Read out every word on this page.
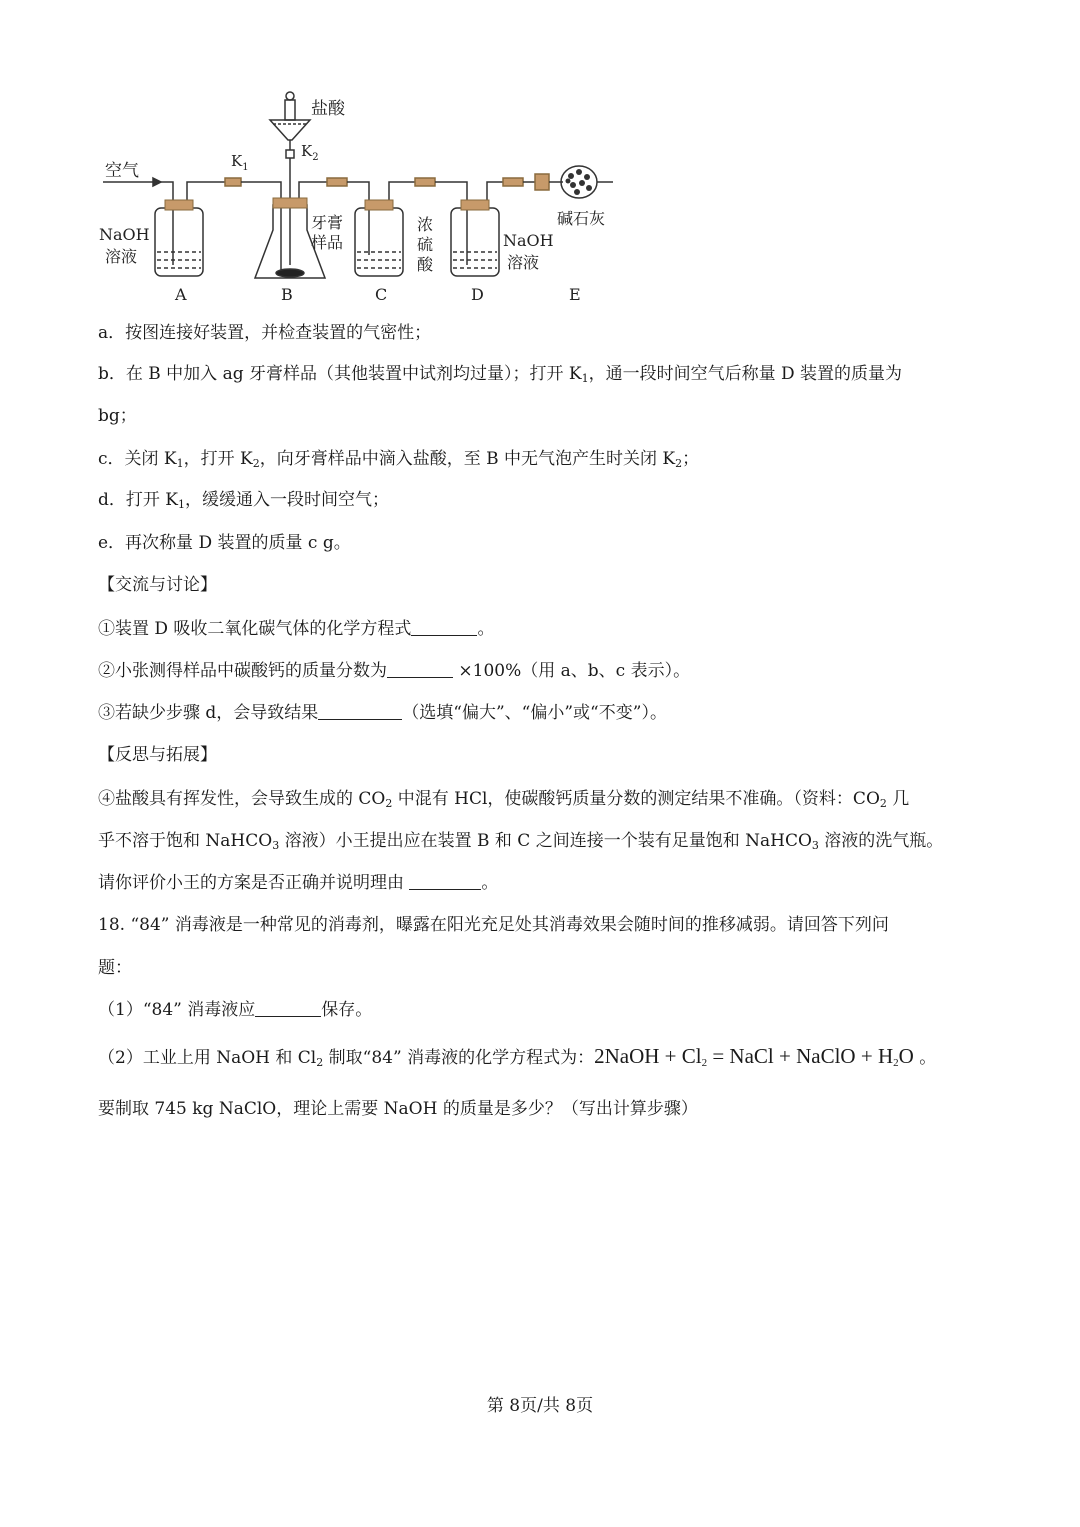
空气	$K_1$
$K_2$
盐酸
NaOH
溶液
牙膏
样品
浓
硫
酸
NaOH
溶液
碱石灰
A	B	C	D	E
a．按图连接好装置，并检查装置的气密性；
b．在 B 中加入 ag 牙膏样品（其他装置中试剂均过量）；打开 $K_1$，通一段时间空气后称量 D 装置的质量为
bg；
c．关闭 $K_1$，打开 $K_2$，向牙膏样品中滴入盐酸，至 B 中无气泡产生时关闭 $K_2$；
d．打开 $K_1$，缓缓通入一段时间空气；
e．再次称量 D 装置的质量 c g。
【交流与讨论】
①装置 D 吸收二氧化碳气体的化学方程式	。
②小张测得样品中碳酸钙的质量分数为	×100%（用 a、b、c 表示）。
③若缺少步骤 d，会导致结果	（选填“偏大”、“偏小”或“不变”）。
【反思与拓展】
④盐酸具有挥发性，会导致生成的 $CO_2$ 中混有 HCl，使碳酸钙质量分数的测定结果不准确。（资料：$CO_2$ 几
乎不溶于饱和 NaHCO$_3$ 溶液）小王提出应在装置 B 和 C 之间连接一个装有足量饱和 NaHCO$_3$ 溶液的洗气瓶。
请你评价小王的方案是否正确并说明理由	。
18. “84” 消毒液是一种常见的消毒剂，曝露在阳光充足处其消毒效果会随时间的推移减弱。请回答下列问
题：
（1）“84” 消毒液应	保存。
（2）工业上用 NaOH 和 $Cl_2$ 制取“84” 消毒液的化学方程式为：2NaOH + $Cl_2$ = NaCl + NaClO + $H_2O$ 。
要制取 745 kg NaClO，理论上需要 NaOH 的质量是多少？（写出计算步骤）
第 8页/共 8页
